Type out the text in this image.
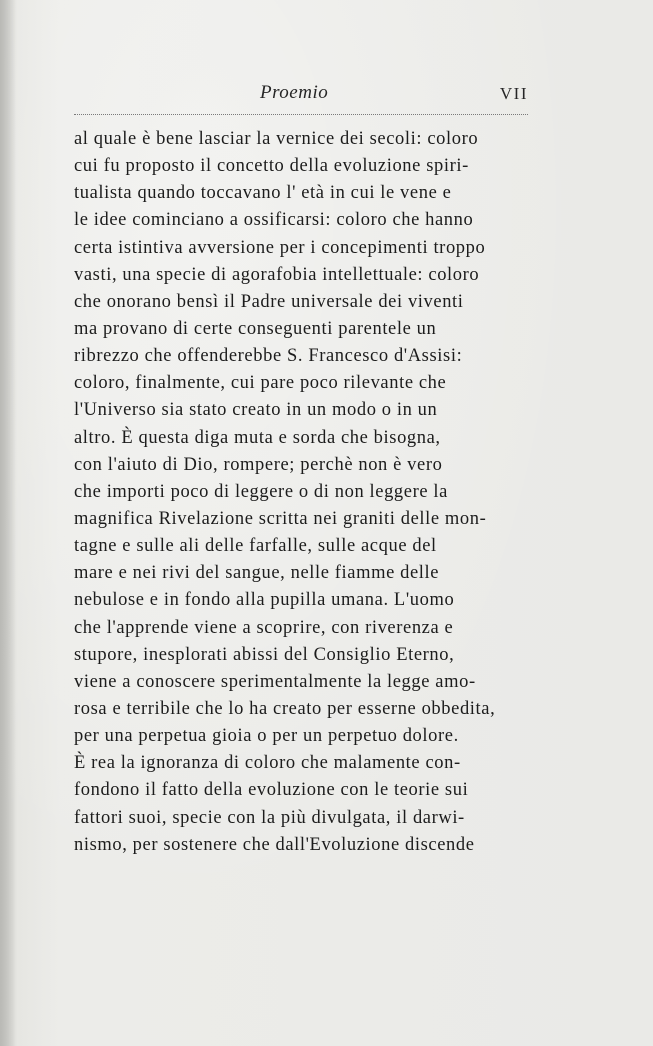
Proemio	VII
al quale è bene lasciar la vernice dei secoli: coloro
cui fu proposto il concetto della evoluzione spiri-
tualista quando toccavano l' età in cui le vene e
le idee cominciano a ossificarsi: coloro che hanno
certa istintiva avversione per i concepimenti troppo
vasti, una specie di agorafobia intellettuale: coloro
che onorano bensì il Padre universale dei viventi
ma provano di certe conseguenti parentele un
ribrezzo che offenderebbe S. Francesco d'Assisi:
coloro, finalmente, cui pare poco rilevante che
l'Universo sia stato creato in un modo o in un
altro. È questa diga muta e sorda che bisogna,
con l'aiuto di Dio, rompere; perchè non è vero
che importi poco di leggere o di non leggere la
magnifica Rivelazione scritta nei graniti delle mon-
tagne e sulle ali delle farfalle, sulle acque del
mare e nei rivi del sangue, nelle fiamme delle
nebulose e in fondo alla pupilla umana. L'uomo
che l'apprende viene a scoprire, con riverenza e
stupore, inesplorati abissi del Consiglio Eterno,
viene a conoscere sperimentalmente la legge amo-
rosa e terribile che lo ha creato per esserne obbedita,
per una perpetua gioia o per un perpetuo dolore.
È rea la ignoranza di coloro che malamente con-
fondono il fatto della evoluzione con le teorie sui
fattori suoi, specie con la più divulgata, il darwi-
nismo, per sostenere che dall'Evoluzione discende
